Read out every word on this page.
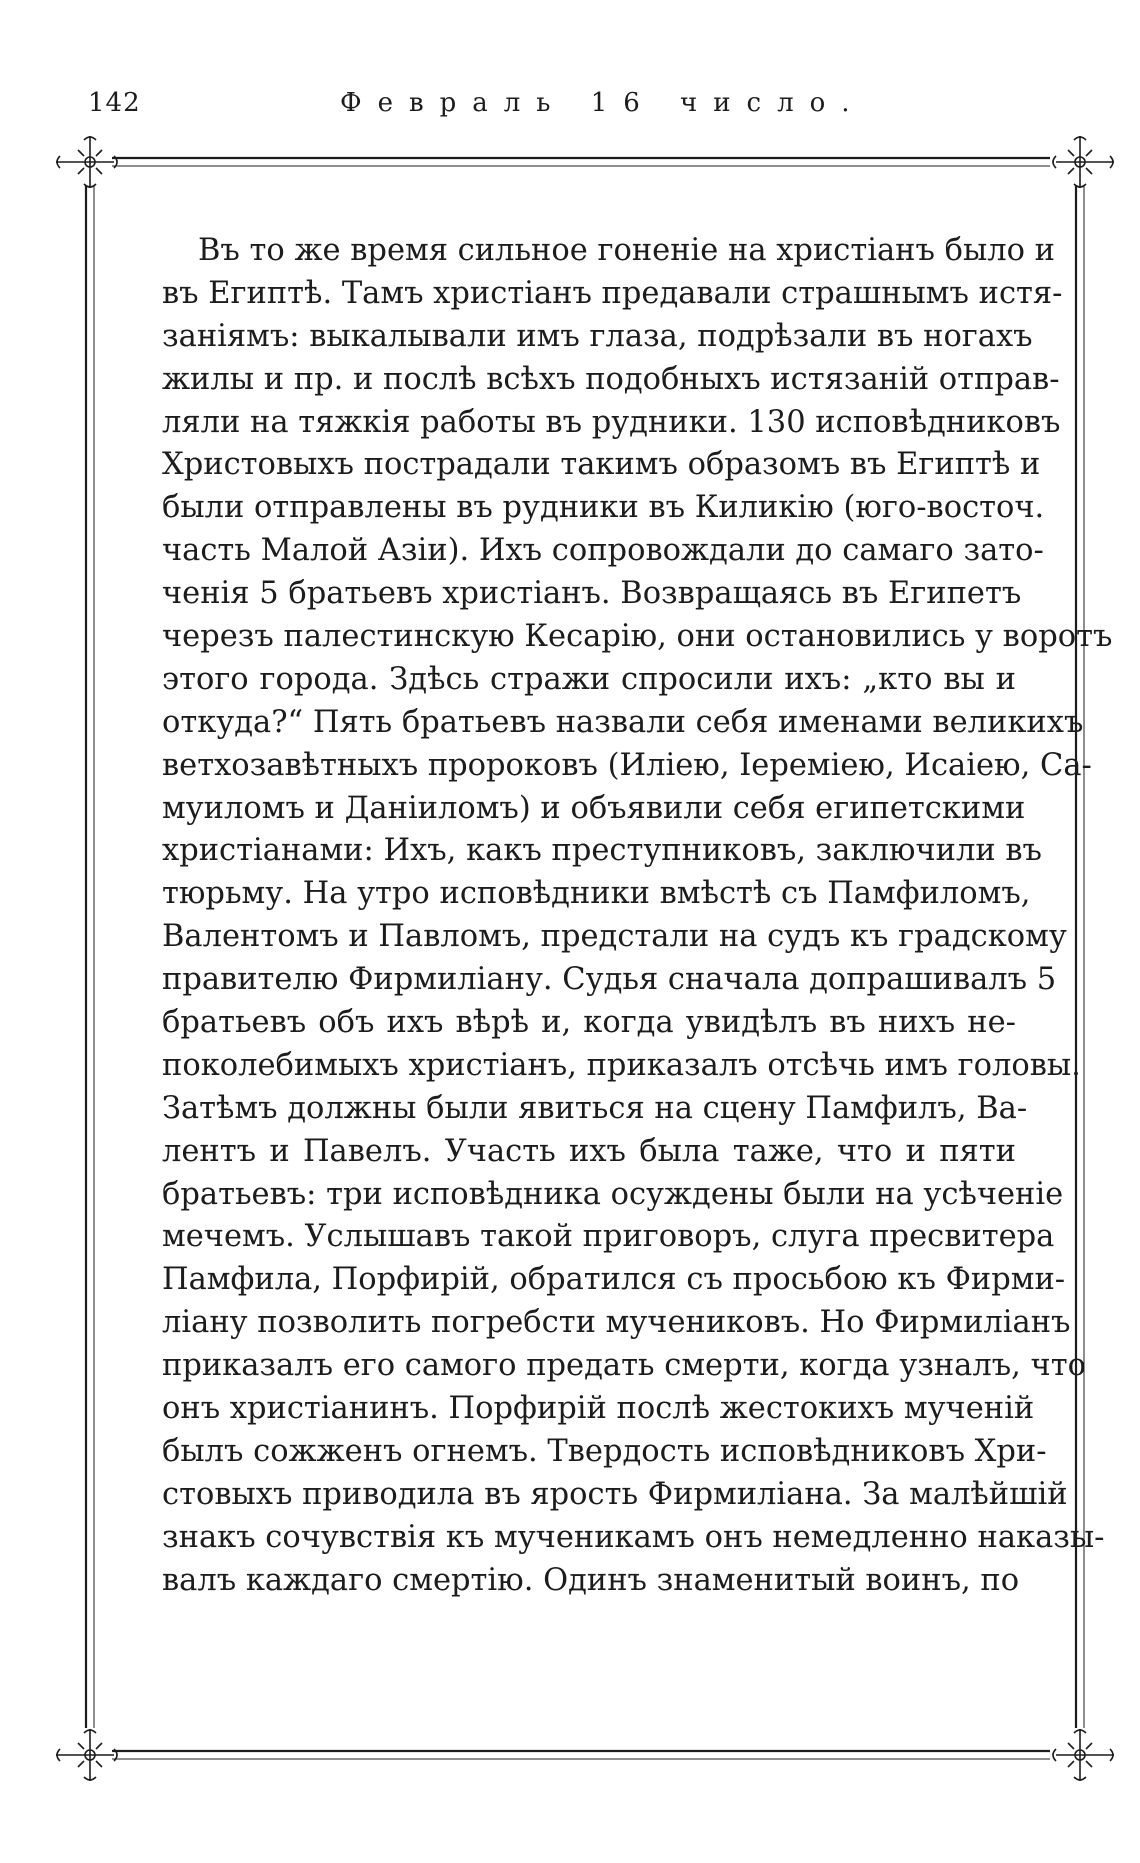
142	Февраль 16 число.
Въ то же время сильное гоненіе на христіанъ было и
въ Египтѣ. Тамъ христіанъ предавали страшнымъ истя-
заніямъ: выкалывали имъ глаза, подрѣзали въ ногахъ
жилы и пр. и послѣ всѣхъ подобныхъ истязаній отправ-
ляли на тяжкія работы въ рудники. 130 исповѣдниковъ
Христовыхъ пострадали такимъ образомъ въ Египтѣ и
были отправлены въ рудники въ Киликію (юго-восточ.
часть Малой Азіи). Ихъ сопровождали до самаго зато-
ченія 5 братьевъ христіанъ. Возвращаясь въ Египетъ
черезъ палестинскую Кесарію, они остановились у воротъ
этого города. Здѣсь стражи спросили ихъ: „кто вы и
откуда?“ Пять братьевъ назвали себя именами великихъ
ветхозавѣтныхъ пророковъ (Иліею, Іереміею, Исаіею, Са-
муиломъ и Даніиломъ) и объявили себя египетскими
христіанами: Ихъ, какъ преступниковъ, заключили въ
тюрьму. На утро исповѣдники вмѣстѣ съ Памфиломъ,
Валентомъ и Павломъ, предстали на судъ къ градскому
правителю Фирмиліану. Судья сначала допрашивалъ 5
братьевъ объ ихъ вѣрѣ и, когда увидѣлъ въ нихъ не-
поколебимыхъ христіанъ, приказалъ отсѣчь имъ головы.
Затѣмъ должны были явиться на сцену Памфилъ, Ва-
лентъ и Павелъ. Участь ихъ была таже, что и пяти
братьевъ: три исповѣдника осуждены были на усѣченіе
мечемъ. Услышавъ такой приговоръ, слуга пресвитера
Памфила, Порфирій, обратился съ просьбою къ Фирми-
ліану позволить погребсти мучениковъ. Но Фирмиліанъ
приказалъ его самого предать смерти, когда узналъ, что
онъ христіанинъ. Порфирій послѣ жестокихъ мученій
былъ сожженъ огнемъ. Твердость исповѣдниковъ Хри-
стовыхъ приводила въ ярость Фирмиліана. За малѣйшій
знакъ сочувствія къ мученикамъ онъ немедленно наказы-
валъ каждаго смертію. Одинъ знаменитый воинъ, по
